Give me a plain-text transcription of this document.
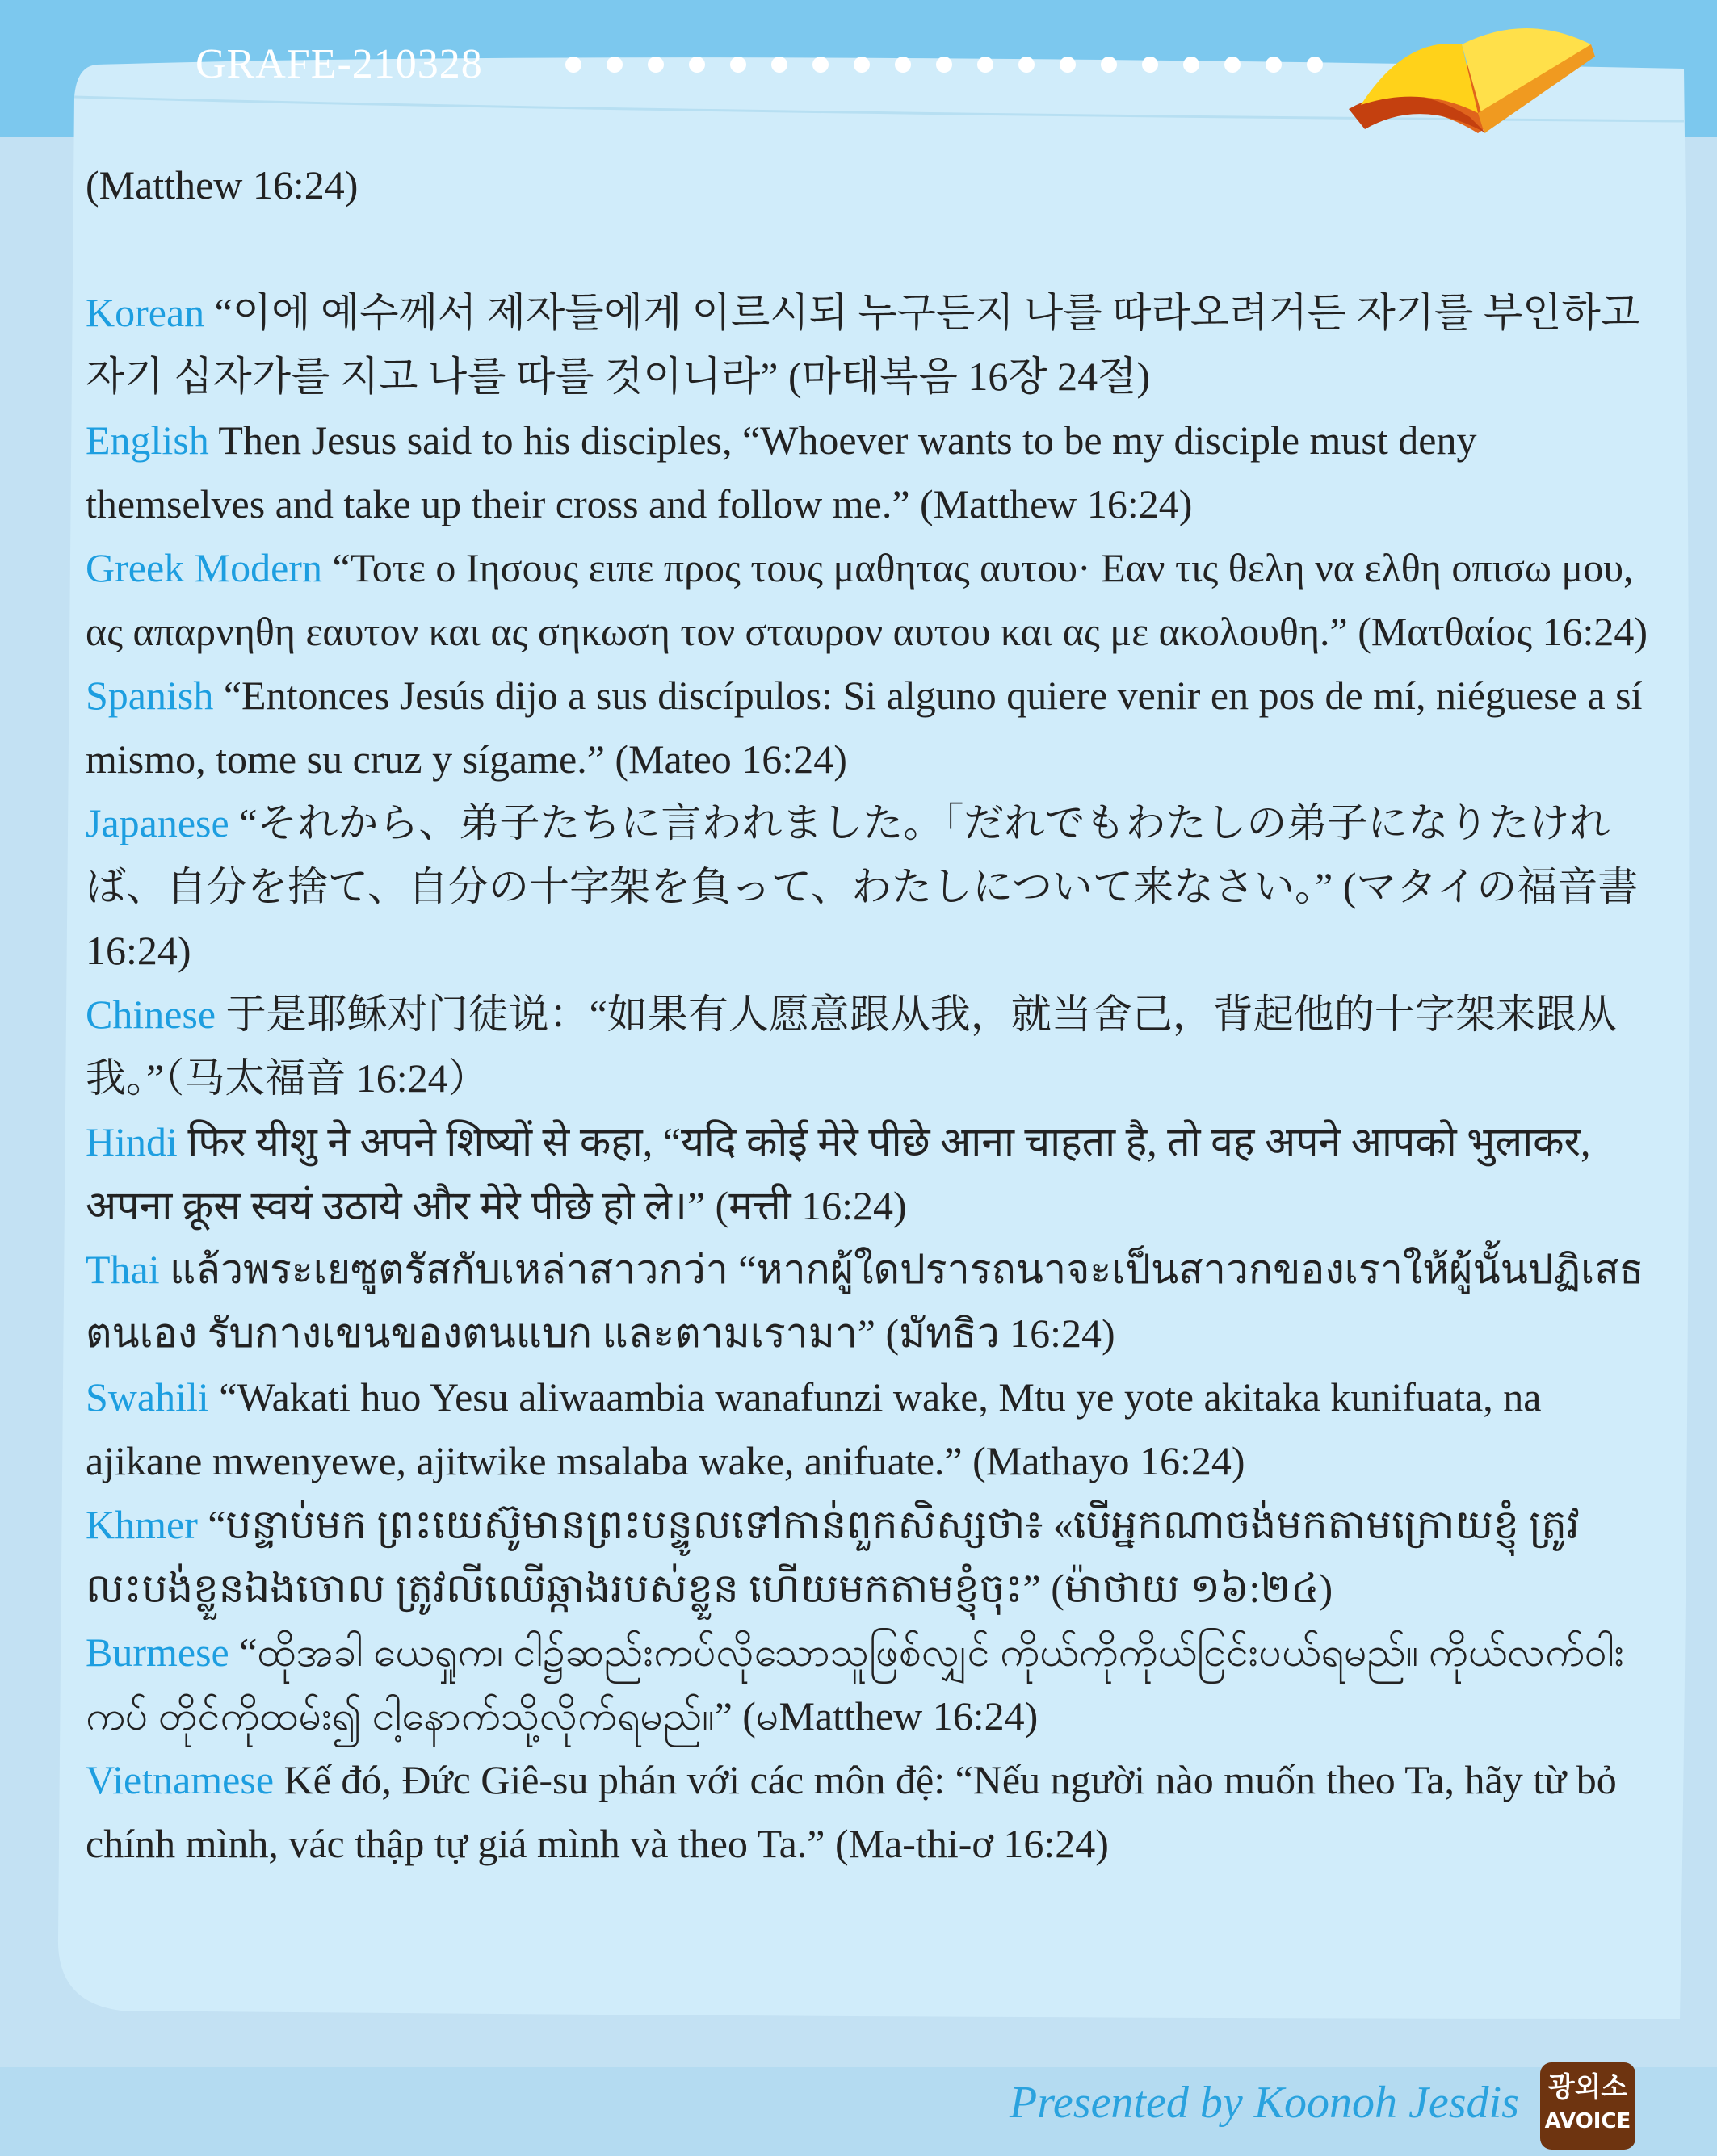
GRAFE-210328

(Matthew 16:24)

Korean “이에 예수께서 제자들에게 이르시되 누구든지 나를 따라오려거든 자기를 부인하고 자기 십자가를 지고 나를 따를 것이니라” (마태복음 16장 24절)

English Then Jesus said to his disciples, “Whoever wants to be my disciple must deny themselves and take up their cross and follow me.” (Matthew 16:24)

Greek Modern “Τοτε ο Ιησους ειπε προς τους μαθητας αυτου· Εαν τις θελη να ελθη οπισω μου, ας απαρνηθη εαυτον και ας σηκωση τον σταυρον αυτου και ας με ακολουθη.” (Ματθαίος 16:24)

Spanish “Entonces Jesús dijo a sus discípulos: Si alguno quiere venir en pos de mí, niéguese a sí mismo, tome su cruz y sígame.” (Mateo 16:24)

Japanese “それから、弟子たちに言われました。「だれでもわたしの弟子になりたければ、自分を捨て、自分の十字架を負って、わたしについて来なさい。” (マタイの福音書 16:24)

Chinese 于是耶稣对门徒说：“如果有人愿意跟从我，就当舍己，背起他的十字架来跟从我。”（马太福音 16:24）

Hindi फिर यीशु ने अपने शिष्यों से कहा, “यदि कोई मेरे पीछे आना चाहता है, तो वह अपने आपको भुलाकर, अपना क्रूस स्वयं उठाये और मेरे पीछे हो ले।” (मत्ती 16:24)

Thai แล้วพระเยซูตรัสกับเหล่าสาวกว่า “หากผู้ใดปรารถนาจะเป็นสาวกของเราให้ผู้นั้นปฏิเสธตนเอง รับกางเขนของตนแบก และตามเรามา” (มัทธิว 16:24)

Swahili “Wakati huo Yesu aliwaambia wanafunzi wake, Mtu ye yote akitaka kunifuata, na ajikane mwenyewe, ajitwike msalaba wake, anifuate.” (Mathayo 16:24)

Khmer “បន្ទាប់មក ព្រះយេស៊ូមានព្រះបន្ទូលទៅកាន់ពួកសិស្សថា៖ «បើអ្នកណាចង់មកតាមក្រោយខ្ញុំ ត្រូវលះបង់ខ្លួនឯងចោល ត្រូវលីឈើឆ្កាងរបស់ខ្លួន ហើយមកតាមខ្ញុំចុះ” (ម៉ាថាយ ១៦:២៤)

Burmese “ထိုအခါ ယေရှုက၊ ငါ၌ဆည်းကပ်လိုသောသူဖြစ်လျှင် ကိုယ်ကိုကိုယ်ငြင်းပယ်ရမည်။ ကိုယ်လက်ဝါးကပ် တိုင်ကိုထမ်း၍ ငါ့နောက်သို့လိုက်ရမည်။” (မMatthew 16:24)

Vietnamese Kế đó, Đức Giê-su phán với các môn đệ: “Nếu người nào muốn theo Ta, hãy từ bỏ chính mình, vác thập tự giá mình và theo Ta.” (Ma-thi-ơ 16:24)

Presented by Koonoh Jesdis 광외소
AVOICE
